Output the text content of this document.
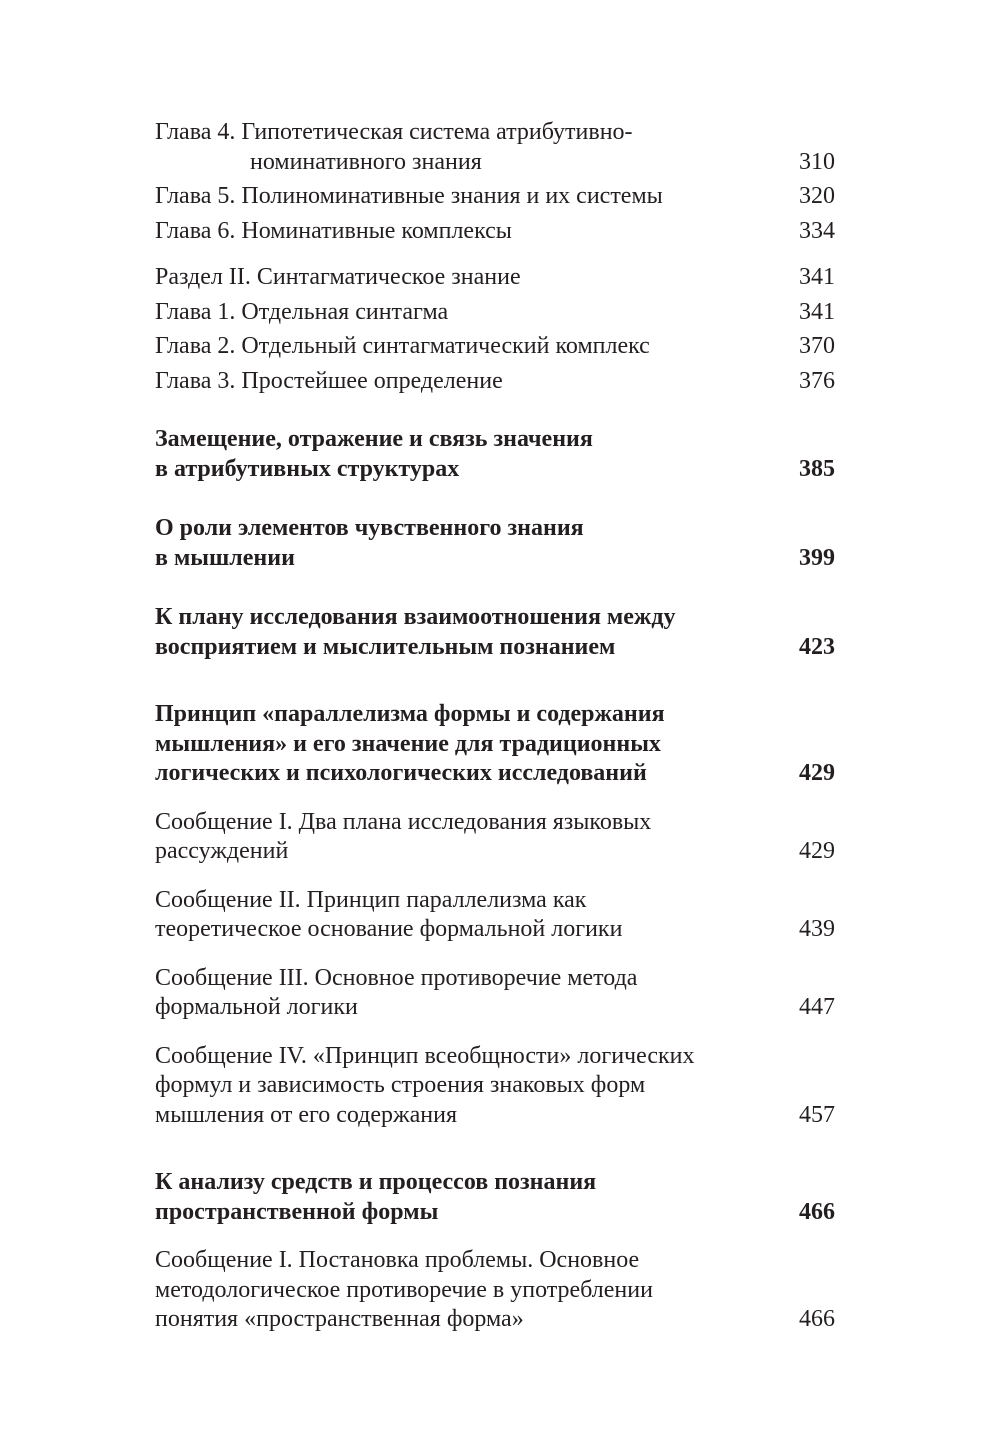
Глава 4. Гипотетическая система атрибутивно-
номинативного знания	310
Глава 5. Полиноминативные знания и их системы	320
Глава 6. Номинативные комплексы	334
Раздел II. Синтагматическое знание	341
Глава 1. Отдельная синтагма	341
Глава 2. Отдельный синтагматический комплекс	370
Глава 3. Простейшее определение	376
Замещение, отражение и связь значения
в атрибутивных структурах	385
О роли элементов чувственного знания
в мышлении	399
К плану исследования взаимоотношения между
восприятием и мыслительным познанием	423
Принцип «параллелизма формы и содержания
мышления» и его значение для традиционных
логических и психологических исследований	429
Сообщение I. Два плана исследования языковых
рассуждений	429
Сообщение II. Принцип параллелизма как
теоретическое основание формальной логики	439
Сообщение III. Основное противоречие метода
формальной логики	447
Сообщение IV. «Принцип всеобщности» логических
формул и зависимость строения знаковых форм
мышления от его содержания	457
К анализу средств и процессов познания
пространственной формы	466
Сообщение I. Постановка проблемы. Основное
методологическое противоречие в употреблении
понятия «пространственная форма»	466
